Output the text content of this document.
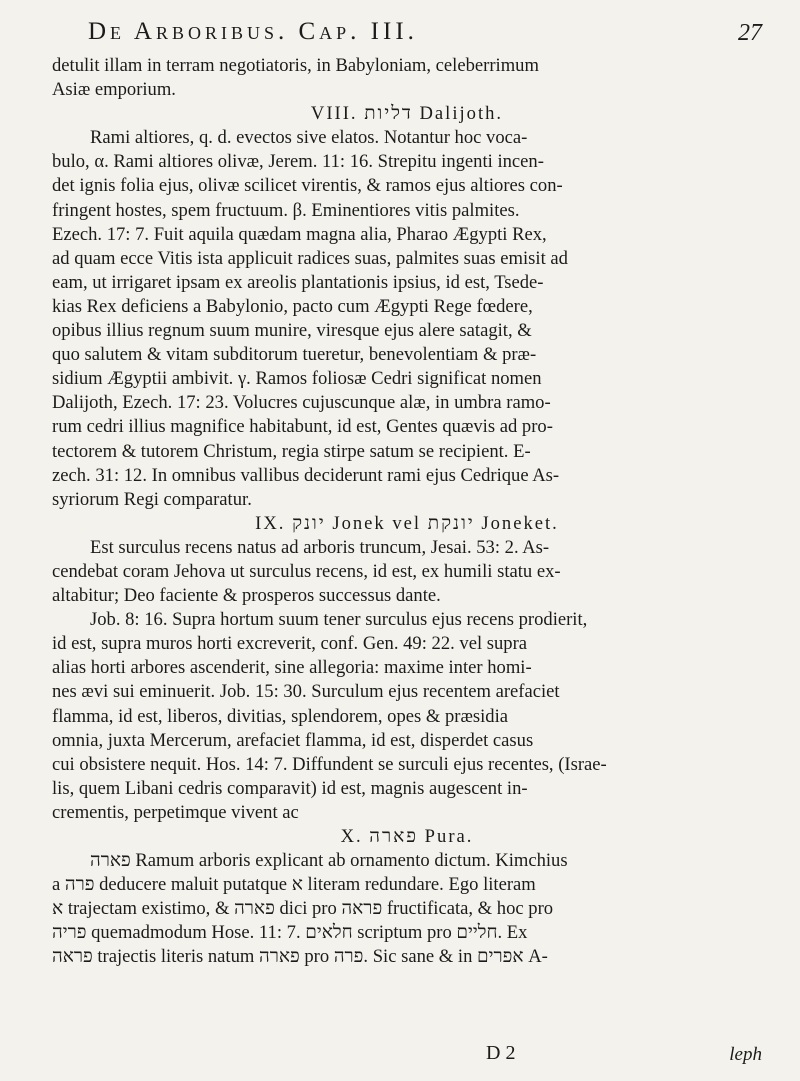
De Arboribus. Cap. III.	27
detulit illam in terram negotiatoris, in Babyloniam, celeberrimum
Asiæ emporium.
VIII. דליות Dalijoth.
Rami altiores, q. d. evectos sive elatos. Notantur hoc voca-
bulo, α. Rami altiores olivæ, Jerem. 11: 16. Strepitu ingenti incen-
det ignis folia ejus, olivæ scilicet virentis, & ramos ejus altiores con-
fringent hostes, spem fructuum. β. Eminentiores vitis palmites.
Ezech. 17: 7. Fuit aquila quædam magna alia, Pharao Ægypti Rex,
ad quam ecce Vitis ista applicuit radices suas, palmites suas emisit ad
eam, ut irrigaret ipsam ex areolis plantationis ipsius, id est, Tsede-
kias Rex deficiens a Babylonio, pacto cum Ægypti Rege fœdere,
opibus illius regnum suum munire, viresque ejus alere satagit, &
quo salutem & vitam subditorum tueretur, benevolentiam & præ-
sidium Ægyptii ambivit. γ. Ramos foliosæ Cedri significat nomen
Dalijoth, Ezech. 17: 23. Volucres cujuscunque alæ, in umbra ramo-
rum cedri illius magnifice habitabunt, id est, Gentes quævis ad pro-
tectorem & tutorem Christum, regia stirpe satum se recipient. E-
zech. 31: 12. In omnibus vallibus deciderunt rami ejus Cedrique As-
syriorum Regi comparatur.
IX. יונק Jonek vel יונקת Joneket.
Est surculus recens natus ad arboris truncum, Jesai. 53: 2. As-
cendebat coram Jehova ut surculus recens, id est, ex humili statu ex-
altabitur; Deo faciente & prosperos successus dante.
Job. 8: 16. Supra hortum suum tener surculus ejus recens prodierit,
id est, supra muros horti excreverit, conf. Gen. 49: 22. vel supra
alias horti arbores ascenderit, sine allegoria: maxime inter homi-
nes ævi sui eminuerit. Job. 15: 30. Surculum ejus recentem arefaciet
flamma, id est, liberos, divitias, splendorem, opes & præsidia
omnia, juxta Mercerum, arefaciet flamma, id est, disperdet casus
cui obsistere nequit. Hos. 14: 7. Diffundent se surculi ejus recentes, (Israe-
lis, quem Libani cedris comparavit) id est, magnis augescent in-
crementis, perpetimque vivent ac
X. פארה Pura.
פארה Ramum arboris explicant ab ornamento dictum. Kimchius
a פרה deducere maluit putatque א literam redundare. Ego literam
א trajectam existimo, & פארה dici pro פראה fructificata, & hoc pro
פריה quemadmodum Hose. 11: 7. חלאים scriptum pro חליים. Ex
פראה trajectis literis natum פארה pro פרה. Sic sane & in אפרים A-
D 2	leph
